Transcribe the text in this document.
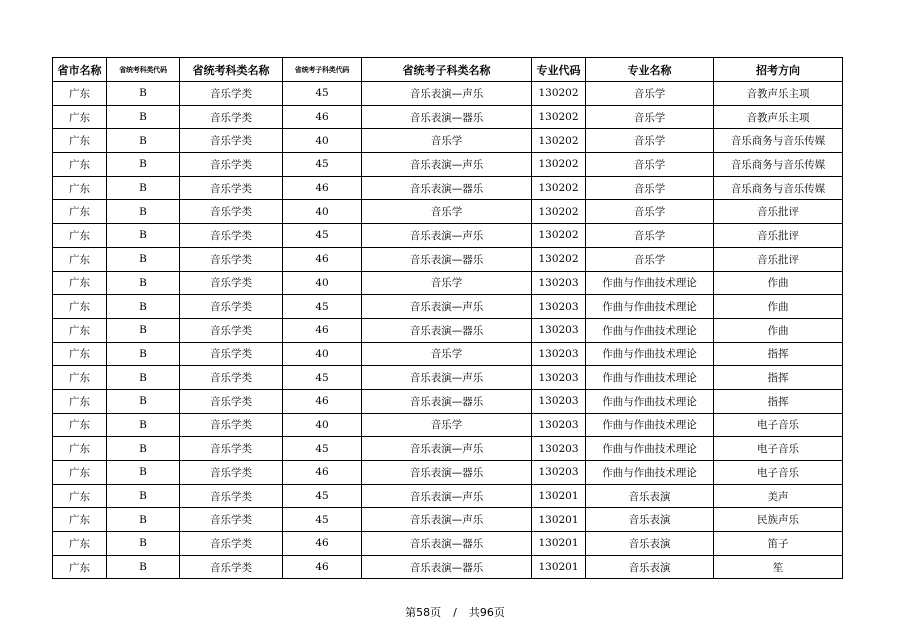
省市名称	省统考科类代码	省统考科类名称	省统考子科类代码	省统考子科类名称	专业代码	专业名称	招考方向
广东	B	音乐学类	45	音乐表演—声乐	130202	音乐学	音教声乐主项
广东	B	音乐学类	46	音乐表演—器乐	130202	音乐学	音教声乐主项
广东	B	音乐学类	40	音乐学	130202	音乐学	音乐商务与音乐传媒
广东	B	音乐学类	45	音乐表演—声乐	130202	音乐学	音乐商务与音乐传媒
广东	B	音乐学类	46	音乐表演—器乐	130202	音乐学	音乐商务与音乐传媒
广东	B	音乐学类	40	音乐学	130202	音乐学	音乐批评
广东	B	音乐学类	45	音乐表演—声乐	130202	音乐学	音乐批评
广东	B	音乐学类	46	音乐表演—器乐	130202	音乐学	音乐批评
广东	B	音乐学类	40	音乐学	130203	作曲与作曲技术理论	作曲
广东	B	音乐学类	45	音乐表演—声乐	130203	作曲与作曲技术理论	作曲
广东	B	音乐学类	46	音乐表演—器乐	130203	作曲与作曲技术理论	作曲
广东	B	音乐学类	40	音乐学	130203	作曲与作曲技术理论	指挥
广东	B	音乐学类	45	音乐表演—声乐	130203	作曲与作曲技术理论	指挥
广东	B	音乐学类	46	音乐表演—器乐	130203	作曲与作曲技术理论	指挥
广东	B	音乐学类	40	音乐学	130203	作曲与作曲技术理论	电子音乐
广东	B	音乐学类	45	音乐表演—声乐	130203	作曲与作曲技术理论	电子音乐
广东	B	音乐学类	46	音乐表演—器乐	130203	作曲与作曲技术理论	电子音乐
广东	B	音乐学类	45	音乐表演—声乐	130201	音乐表演	美声
广东	B	音乐学类	45	音乐表演—声乐	130201	音乐表演	民族声乐
广东	B	音乐学类	46	音乐表演—器乐	130201	音乐表演	笛子
广东	B	音乐学类	46	音乐表演—器乐	130201	音乐表演	笙
第58页 / 共96页
